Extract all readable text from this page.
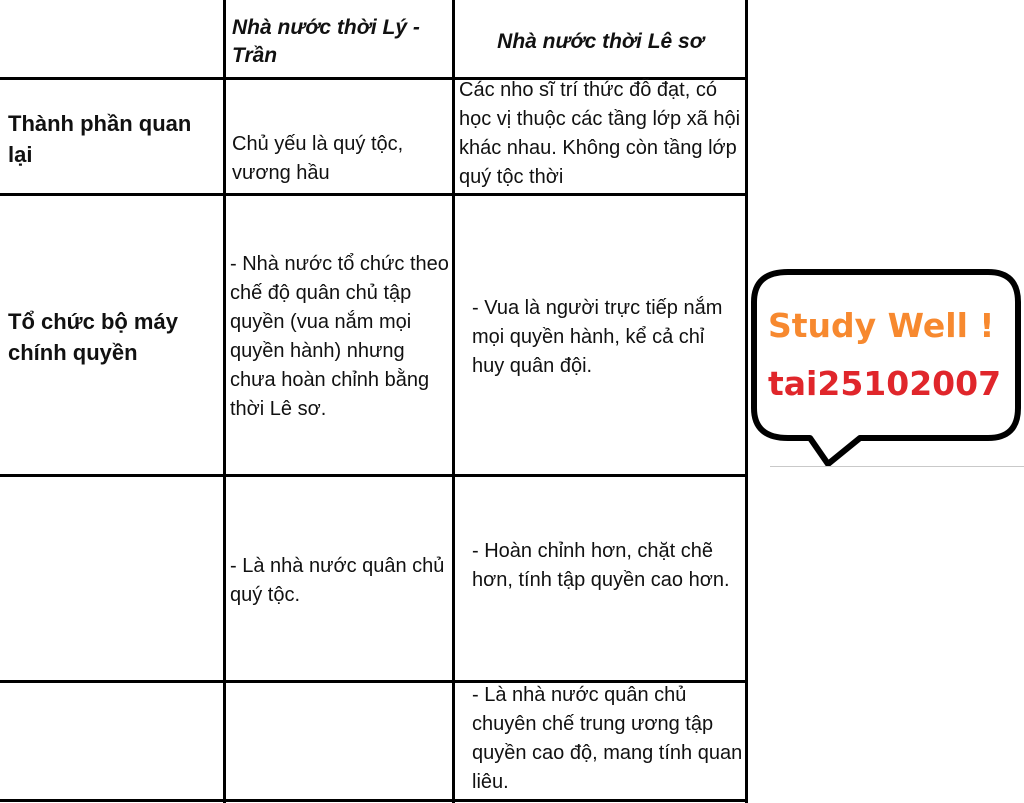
Nhà nước thời Lý - Trần
Nhà nước thời Lê sơ
Thành phần quan lại	Chủ yếu là quý tộc, vương hầu
Các nho sĩ trí thức đỗ đạt, có học vị thuộc các tầng lớp xã hội khác nhau. Không còn tầng lớp quý tộc thời
Tổ chức bộ máy chính quyền
- Nhà nước tổ chức theo chế độ quân chủ tập quyền (vua nắm mọi quyền hành) nhưng chưa hoàn chỉnh bằng thời Lê sơ.
- Vua là người trực tiếp nắm mọi quyền hành, kể cả chỉ huy quân đội.
- Là nhà nước quân chủ quý tộc.
- Hoàn chỉnh hơn, chặt chẽ hơn, tính tập quyền cao hơn.
- Là nhà nước quân chủ chuyên chế trung ương tập quyền cao độ, mang tính quan liêu.
Study Well !
tai25102007
